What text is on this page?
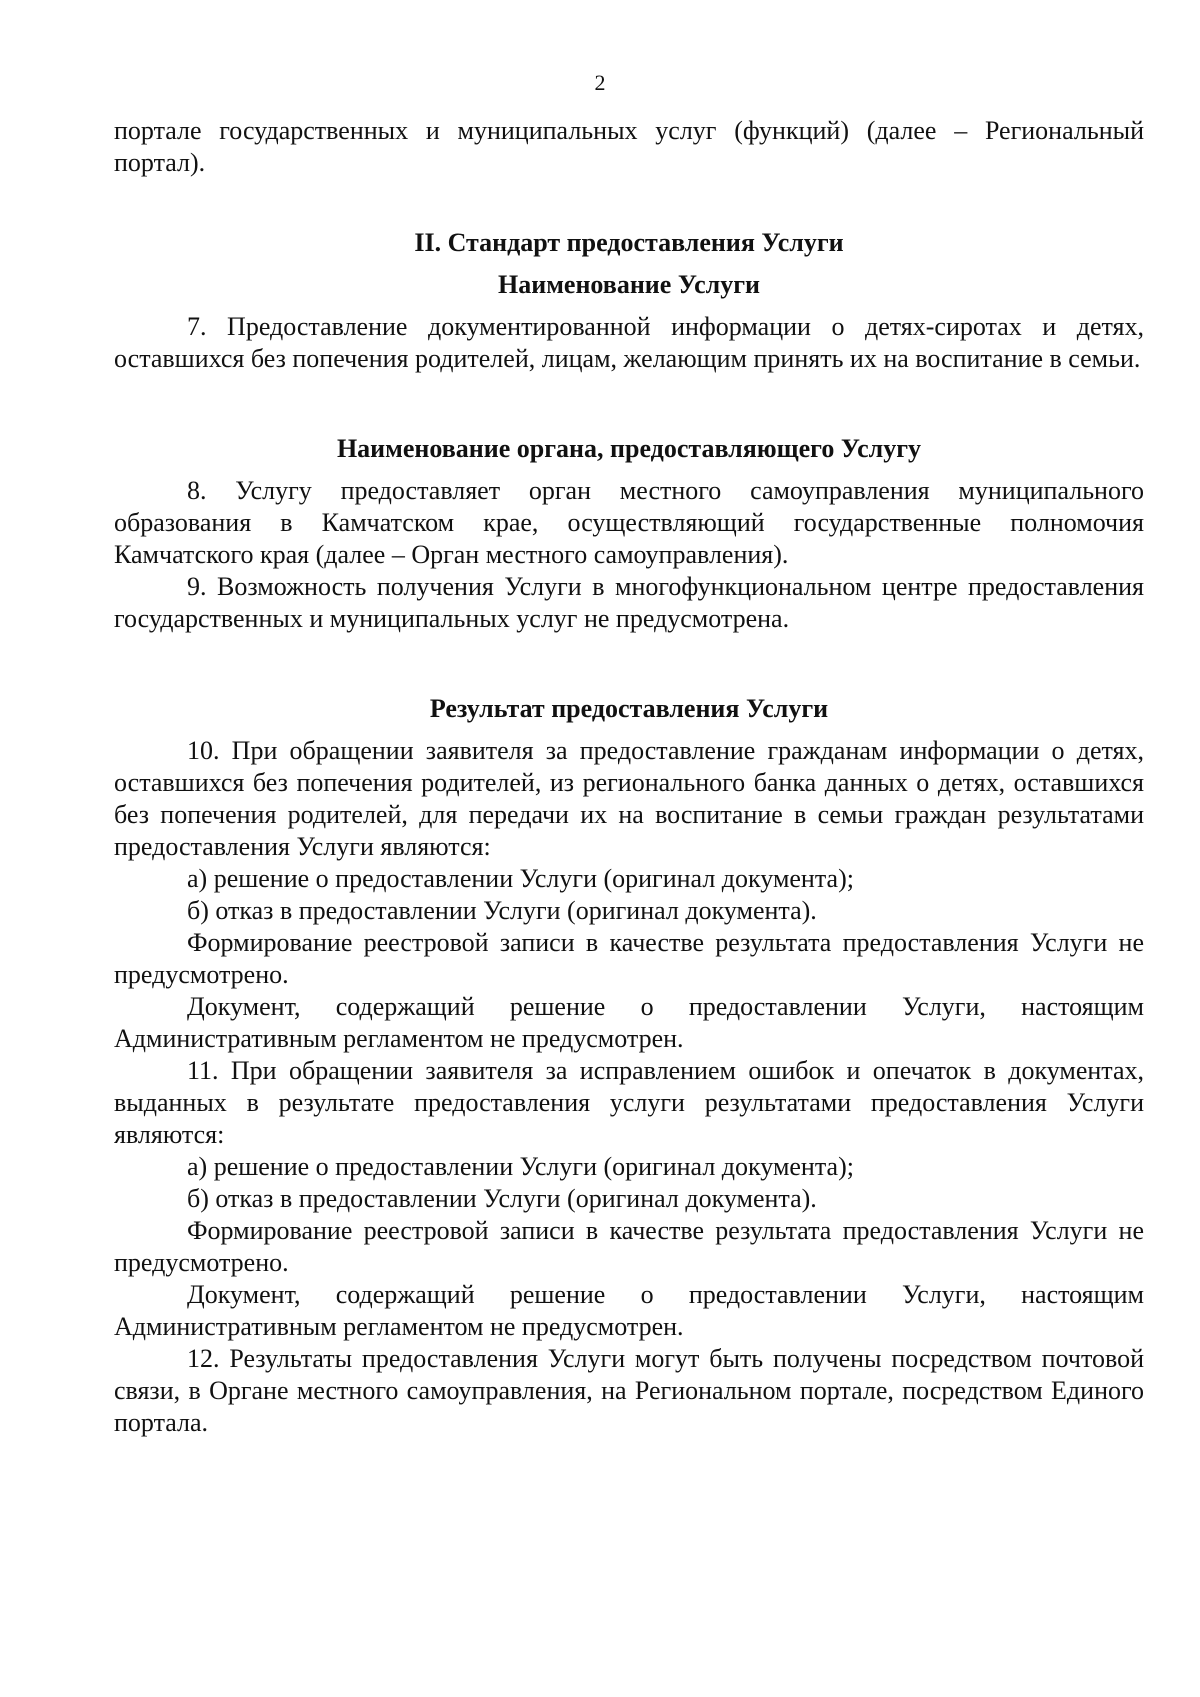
2

портале государственных и муниципальных услуг (функций) (далее – Региональный портал).

II. Стандарт предоставления Услуги
Наименование Услуги

7. Предоставление документированной информации о детях-сиротах и детях, оставшихся без попечения родителей, лицам, желающим принять их на воспитание в семьи.

Наименование органа, предоставляющего Услугу

8. Услугу предоставляет орган местного самоуправления муниципального образования в Камчатском крае, осуществляющий государственные полномочия Камчатского края (далее – Орган местного самоуправления).

9. Возможность получения Услуги в многофункциональном центре предоставления государственных и муниципальных услуг не предусмотрена.

Результат предоставления Услуги

10. При обращении заявителя за предоставление гражданам информации о детях, оставшихся без попечения родителей, из регионального банка данных о детях, оставшихся без попечения родителей, для передачи их на воспитание в семьи граждан результатами предоставления Услуги являются:

а) решение о предоставлении Услуги (оригинал документа);

б) отказ в предоставлении Услуги (оригинал документа).

Формирование реестровой записи в качестве результата предоставления Услуги не предусмотрено.

Документ, содержащий решение о предоставлении Услуги, настоящим Административным регламентом не предусмотрен.

11. При обращении заявителя за исправлением ошибок и опечаток в документах, выданных в результате предоставления услуги результатами предоставления Услуги являются:

а) решение о предоставлении Услуги (оригинал документа);

б) отказ в предоставлении Услуги (оригинал документа).

Формирование реестровой записи в качестве результата предоставления Услуги не предусмотрено.

Документ, содержащий решение о предоставлении Услуги, настоящим Административным регламентом не предусмотрен.

12. Результаты предоставления Услуги могут быть получены посредством почтовой связи, в Органе местного самоуправления, на Региональном портале, посредством Единого портала.
